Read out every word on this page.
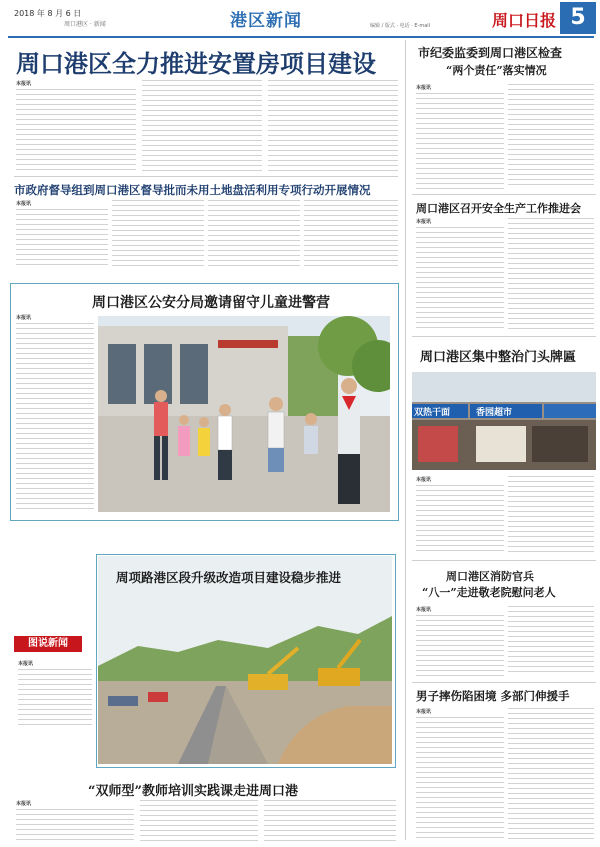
2018 年 8 月 6 日
周口港区 · 新闻	港区新闻	编辑 / 版式 · 电话 · E-mail	周口日报 5
周口港区全力推进安置房项目建设
本报讯
市政府督导组到周口港区督导批而未用土地盘活利用专项行动开展情况
本报讯
周口港区公安分局邀请留守儿童进警营
本报讯
周项路港区段升级改造项目建设稳步推进
图说新闻
本报讯
“双师型”教师培训实践课走进周口港
本报讯
市纪委监委到周口港区检查
“两个责任”落实情况
本报讯
周口港区召开安全生产工作推进会
本报讯
周口港区集中整治门头牌匾
双热干面	香园超市
本报讯
周口港区消防官兵
“八一”走进敬老院慰问老人
本报讯
男子摔伤陷困境 多部门伸援手
本报讯
